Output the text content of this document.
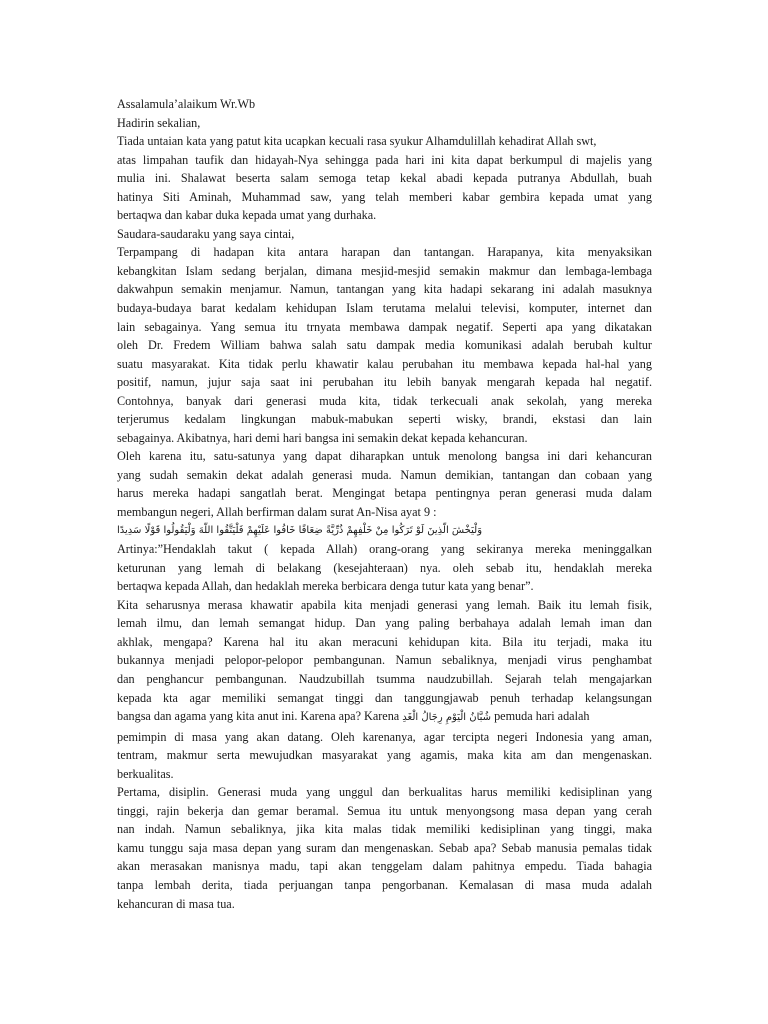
Assalamula’alaikum Wr.Wb
Hadirin sekalian,
Tiada untaian kata yang patut kita ucapkan kecuali rasa syukur Alhamdulillah kehadirat Allah swt,
atas limpahan taufik dan hidayah-Nya sehingga pada hari ini kita dapat berkumpul di majelis yang
mulia ini. Shalawat beserta salam semoga tetap kekal abadi kepada putranya Abdullah, buah
hatinya Siti Aminah, Muhammad saw, yang telah memberi kabar gembira kepada umat yang
bertaqwa dan kabar duka kepada umat yang durhaka.
Saudara-saudaraku yang saya cintai,
Terpampang di hadapan kita antara harapan dan tantangan. Harapanya, kita menyaksikan
kebangkitan Islam sedang berjalan, dimana mesjid-mesjid semakin makmur dan lembaga-lembaga
dakwahpun semakin menjamur. Namun, tantangan yang kita hadapi sekarang ini adalah masuknya
budaya-budaya barat kedalam kehidupan Islam terutama melalui televisi, komputer, internet dan
lain sebagainya. Yang semua itu trnyata membawa dampak negatif. Seperti apa yang dikatakan
oleh Dr. Fredem William bahwa salah satu dampak media komunikasi adalah berubah kultur
suatu masyarakat. Kita tidak perlu khawatir kalau perubahan itu membawa kepada hal-hal yang
positif, namun, jujur saja saat ini perubahan itu lebih banyak mengarah kepada hal negatif.
Contohnya, banyak dari generasi muda kita, tidak terkecuali anak sekolah, yang mereka
terjerumus kedalam lingkungan mabuk-mabukan seperti wisky, brandi, ekstasi dan lain
sebagainya. Akibatnya, hari demi hari bangsa ini semakin dekat kepada kehancuran.
Oleh karena itu, satu-satunya yang dapat diharapkan untuk menolong bangsa ini dari kehancuran
yang sudah semakin dekat adalah generasi muda. Namun demikian, tantangan dan cobaan yang
harus mereka hadapi sangatlah berat. Mengingat betapa pentingnya peran generasi muda dalam
membangun negeri, Allah berfirman dalam surat An-Nisa ayat 9 :
وَلْيَخْشَ الَّذِينَ لَوْ تَرَكُوا مِنْ خَلْفِهِمْ ذُرِّيَّةً ضِعَافًا خَافُوا عَلَيْهِمْ فَلْيَتَّقُوا اللَّهَ وَلْيَقُولُوا قَوْلًا سَدِيدًا
Artinya:”Hendaklah takut ( kepada Allah) orang-orang yang sekiranya mereka meninggalkan
keturunan yang lemah di belakang (kesejahteraan) nya. oleh sebab itu, hendaklah mereka
bertaqwa kepada Allah, dan hedaklah mereka berbicara denga tutur kata yang benar”.
Kita seharusnya merasa khawatir apabila kita menjadi generasi yang lemah. Baik itu lemah fisik,
lemah ilmu, dan lemah semangat hidup. Dan yang paling berbahaya adalah lemah iman dan
akhlak, mengapa? Karena hal itu akan meracuni kehidupan kita. Bila itu terjadi, maka itu
bukannya menjadi pelopor-pelopor pembangunan. Namun sebaliknya, menjadi virus penghambat
dan penghancur pembangunan. Naudzubillah tsumma naudzubillah. Sejarah telah mengajarkan
kepada kta agar memiliki semangat tinggi dan tanggungjawab penuh terhadap kelangsungan
bangsa dan agama yang kita anut ini. Karena apa? Karena شُبَّانُ الْيَوْمِ رِجَالُ الْغَدِ pemuda hari adalah
pemimpin di masa yang akan datang. Oleh karenanya, agar tercipta negeri Indonesia yang aman,
tentram, makmur serta mewujudkan masyarakat yang agamis, maka kita am dan mengenaskan.
berkualitas.
Pertama, disiplin. Generasi muda yang unggul dan berkualitas harus memiliki kedisiplinan yang
tinggi, rajin bekerja dan gemar beramal. Semua itu untuk menyongsong masa depan yang cerah
nan indah. Namun sebaliknya, jika kita malas tidak memiliki kedisiplinan yang tinggi, maka
kamu tunggu saja masa depan yang suram dan mengenaskan. Sebab apa? Sebab manusia pemalas tidak
akan merasakan manisnya madu, tapi akan tenggelam dalam pahitnya empedu. Tiada bahagia
tanpa lembah derita, tiada perjuangan tanpa pengorbanan. Kemalasan di masa muda adalah
kehancuran di masa tua.
